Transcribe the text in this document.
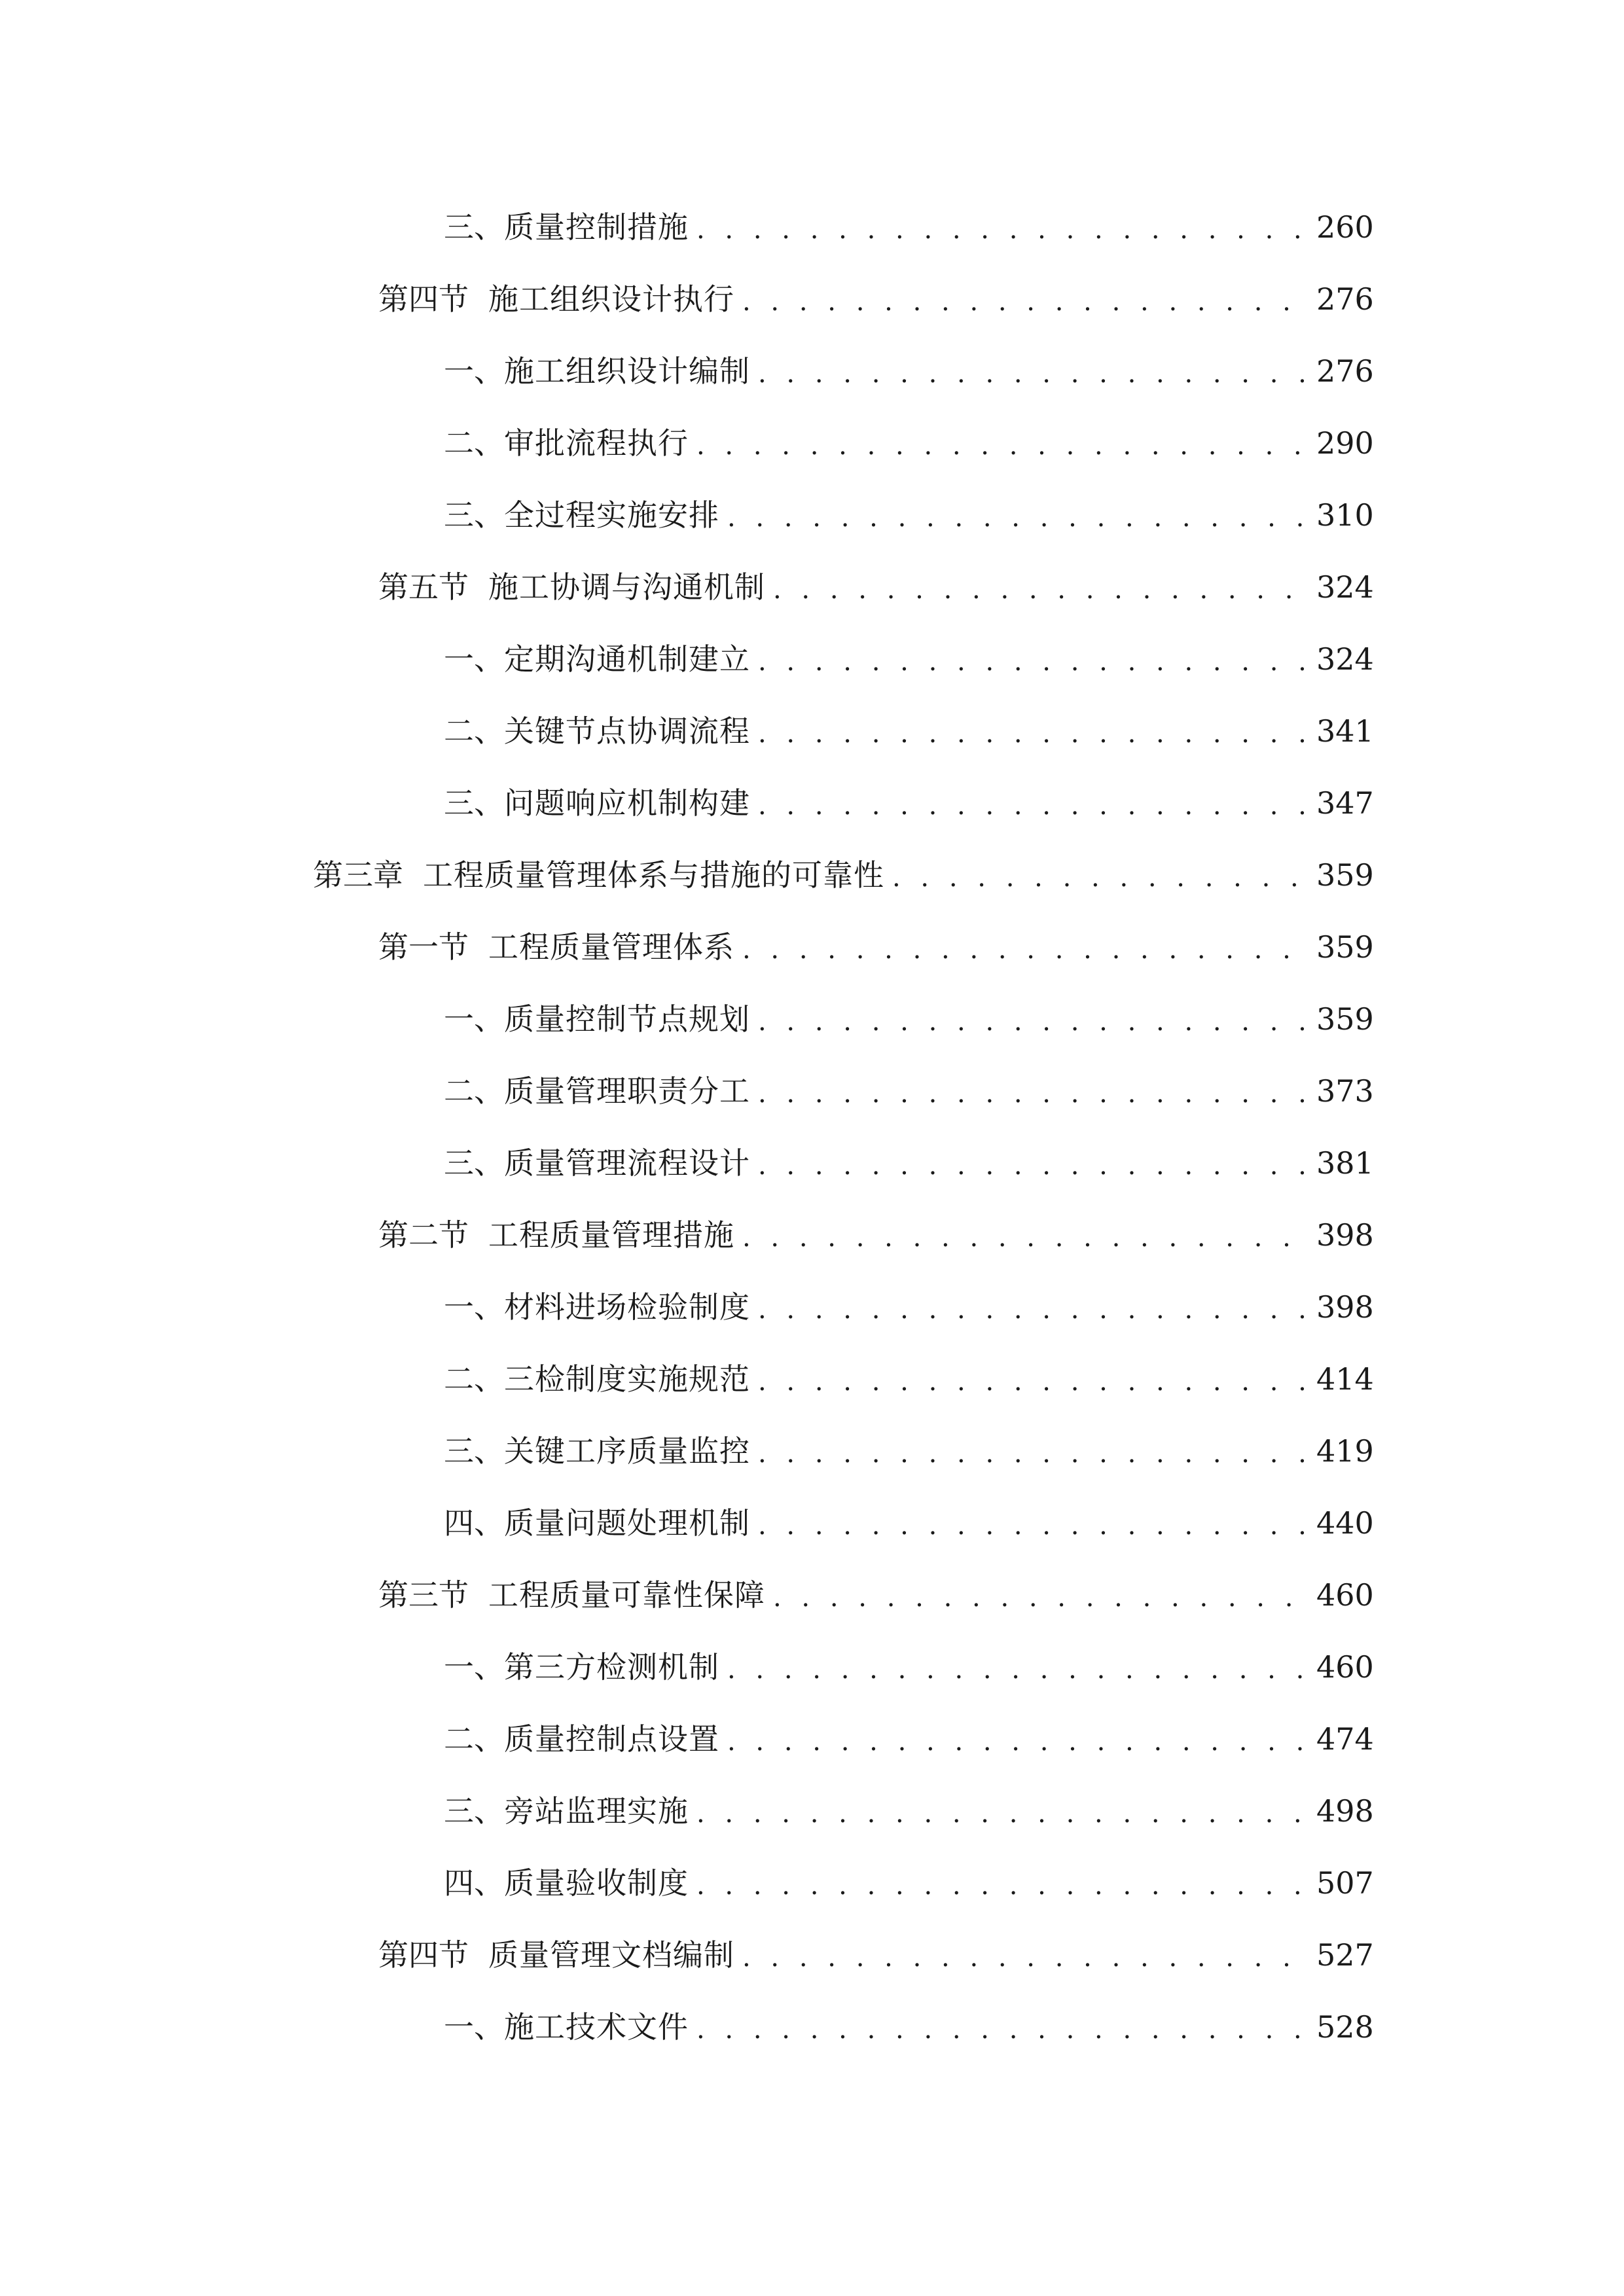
三、 质量控制措施 . . .	260
第四节 施工组织设计执行 . . .	276
一、 施工组织设计编制 . . .	276
二、 审批流程执行 . . .	290
三、 全过程实施安排 . . .	310
第五节 施工协调与沟通机制 . . .	324
一、 定期沟通机制建立 . . .	324
二、 关键节点协调流程 . . .	341
三、 问题响应机制构建 . . .	347
第三章 工程质量管理体系与措施的可靠性 . . .	359
第一节 工程质量管理体系 . . .	359
一、 质量控制节点规划 . . .	359
二、 质量管理职责分工 . . .	373
三、 质量管理流程设计 . . .	381
第二节 工程质量管理措施 . . .	398
一、 材料进场检验制度 . . .	398
二、 三检制度实施规范 . . .	414
三、 关键工序质量监控 . . .	419
四、 质量问题处理机制 . . .	440
第三节 工程质量可靠性保障 . . .	460
一、 第三方检测机制 . . .	460
二、 质量控制点设置 . . .	474
三、 旁站监理实施 . . .	498
四、 质量验收制度 . . .	507
第四节 质量管理文档编制 . . .	527
一、 施工技术文件 . . .	528
